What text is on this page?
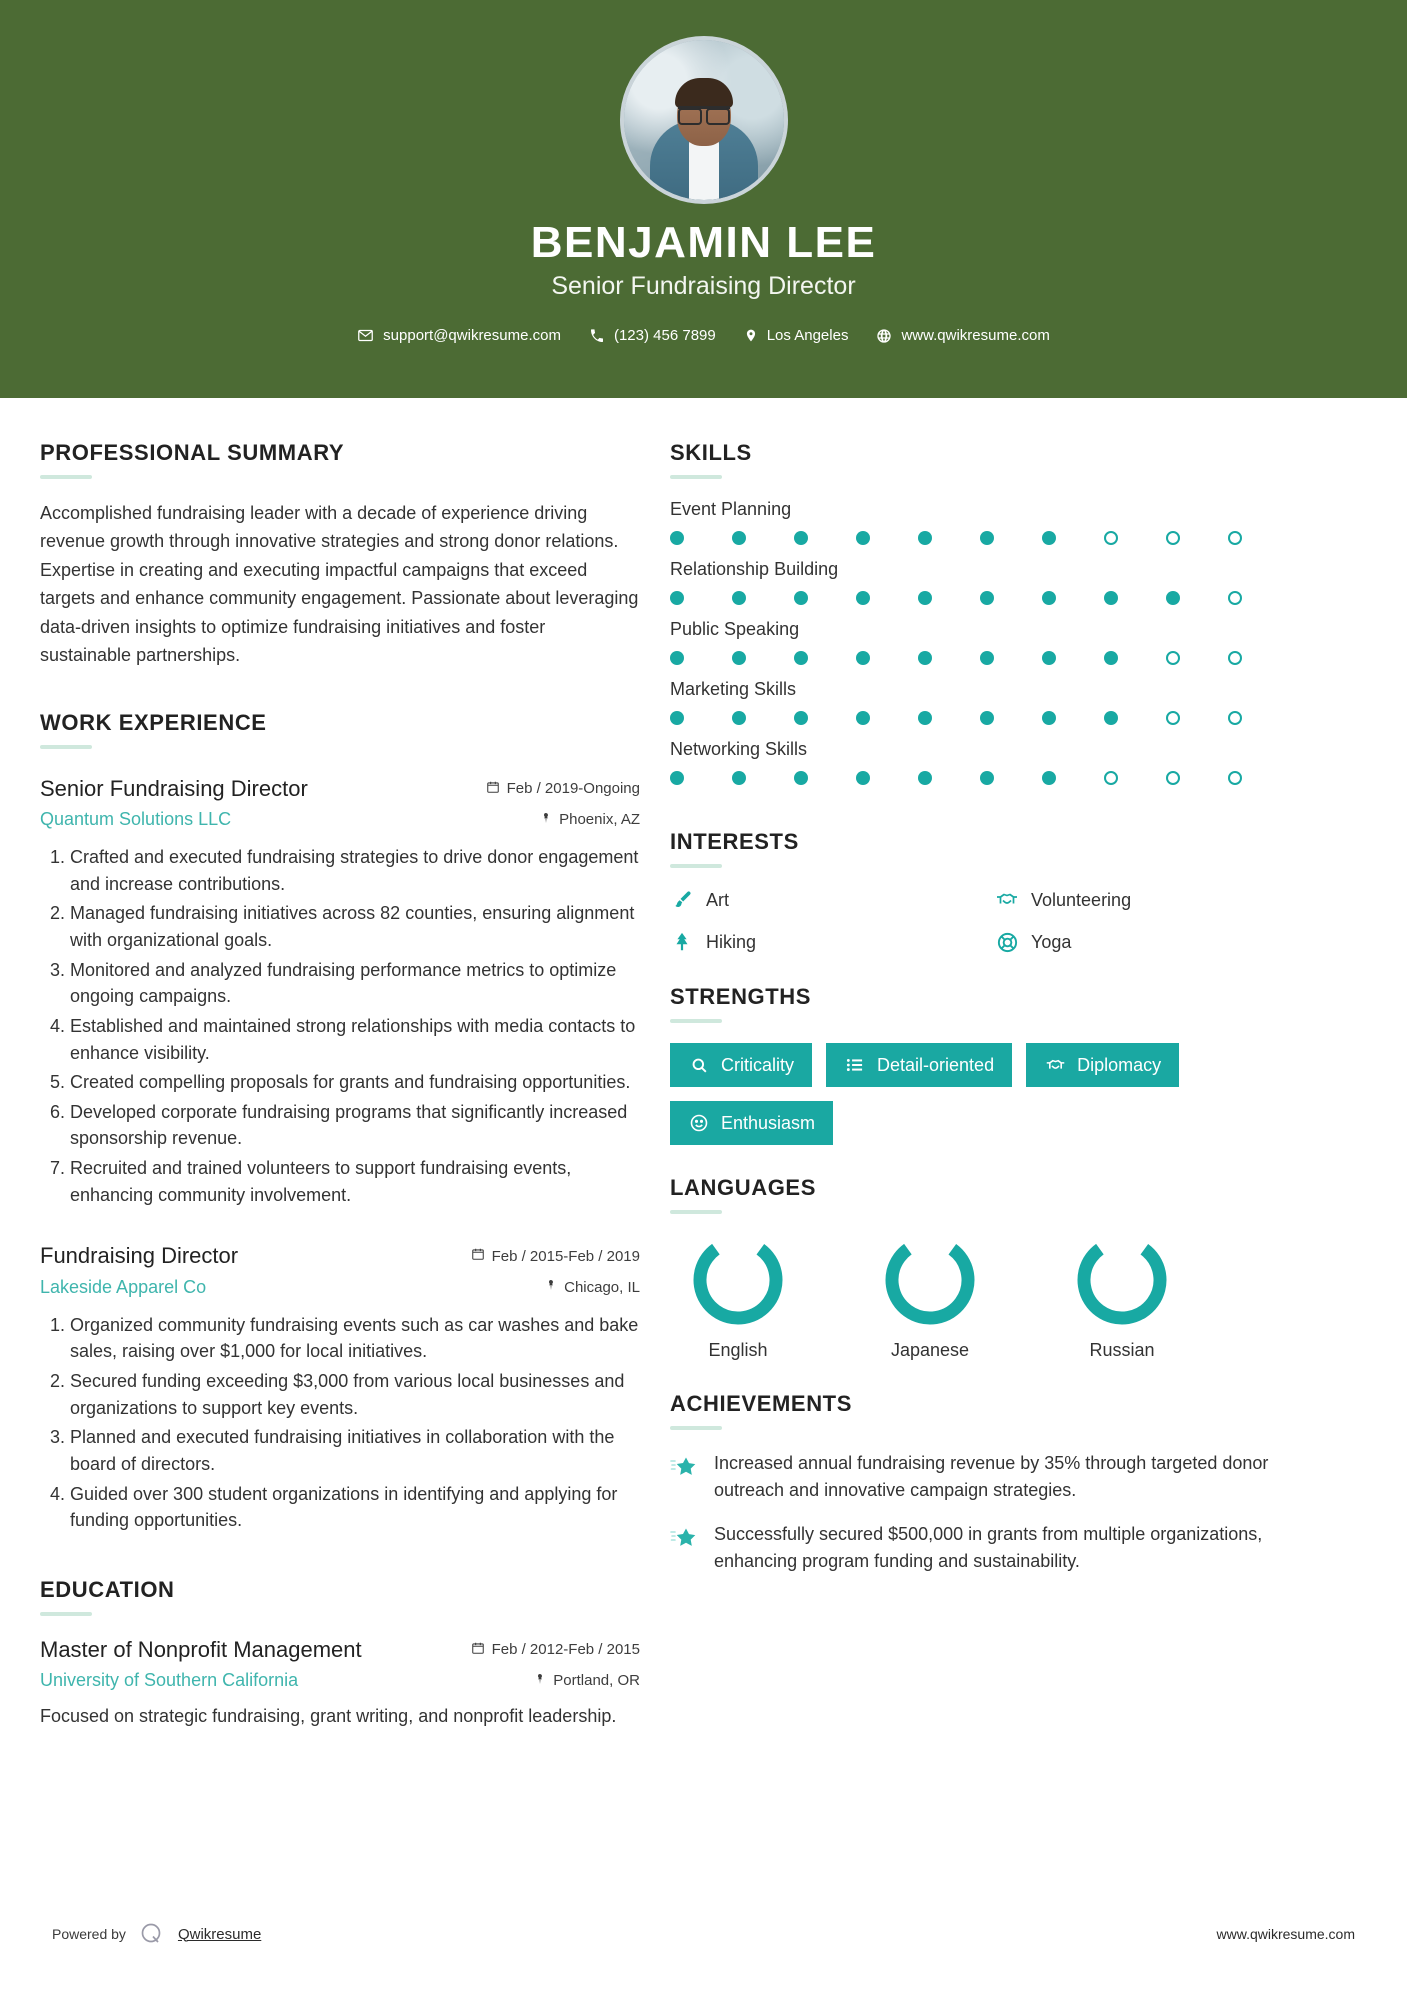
BENJAMIN LEE
Senior Fundraising Director
support@qwikresume.com	(123) 456 7899	Los Angeles	www.qwikresume.com
PROFESSIONAL SUMMARY
Accomplished fundraising leader with a decade of experience driving revenue growth through innovative strategies and strong donor relations. Expertise in creating and executing impactful campaigns that exceed targets and enhance community engagement. Passionate about leveraging data-driven insights to optimize fundraising initiatives and foster sustainable partnerships.
WORK EXPERIENCE
Senior Fundraising Director
Quantum Solutions LLC
Feb / 2019-Ongoing
Phoenix, AZ
1. Crafted and executed fundraising strategies to drive donor engagement and increase contributions.
2. Managed fundraising initiatives across 82 counties, ensuring alignment with organizational goals.
3. Monitored and analyzed fundraising performance metrics to optimize ongoing campaigns.
4. Established and maintained strong relationships with media contacts to enhance visibility.
5. Created compelling proposals for grants and fundraising opportunities.
6. Developed corporate fundraising programs that significantly increased sponsorship revenue.
7. Recruited and trained volunteers to support fundraising events, enhancing community involvement.
Fundraising Director
Lakeside Apparel Co
Feb / 2015-Feb / 2019
Chicago, IL
1. Organized community fundraising events such as car washes and bake sales, raising over $1,000 for local initiatives.
2. Secured funding exceeding $3,000 from various local businesses and organizations to support key events.
3. Planned and executed fundraising initiatives in collaboration with the board of directors.
4. Guided over 300 student organizations in identifying and applying for funding opportunities.
EDUCATION
Master of Nonprofit Management
University of Southern California
Feb / 2012-Feb / 2015
Portland, OR
Focused on strategic fundraising, grant writing, and nonprofit leadership.
SKILLS
Event Planning
Relationship Building
Public Speaking
Marketing Skills
Networking Skills
INTERESTS
Art	Volunteering
Hiking	Yoga
STRENGTHS
Criticality	Detail-oriented	Diplomacy
Enthusiasm
LANGUAGES
English	Japanese	Russian
ACHIEVEMENTS
Increased annual fundraising revenue by 35% through targeted donor outreach and innovative campaign strategies.
Successfully secured $500,000 in grants from multiple organizations, enhancing program funding and sustainability.
Powered by	Qwikresume	www.qwikresume.com
